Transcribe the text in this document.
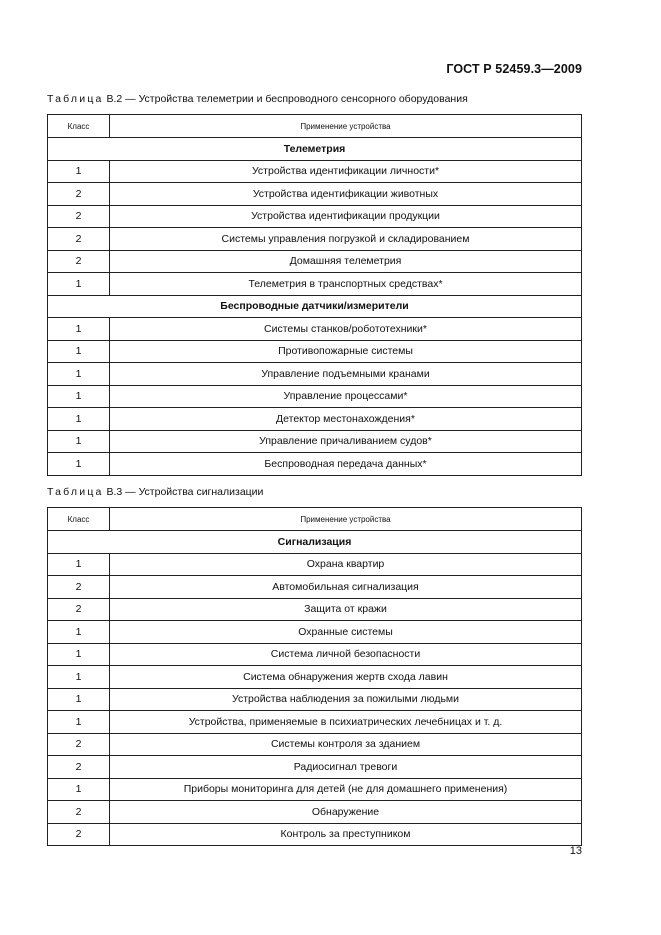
ГОСТ Р 52459.3—2009
Таблица В.2 — Устройства телеметрии и беспроводного сенсорного оборудования
Класс	Применение устройства
Телеметрия	
1	Устройства идентификации личности*
2	Устройства идентификации животных
2	Устройства идентификации продукции
2	Системы управления погрузкой и складированием
2	Домашняя телеметрия
1	Телеметрия в транспортных средствах*
Беспроводные датчики/измерители	
1	Системы станков/робототехники*
1	Противопожарные системы
1	Управление подъемными кранами
1	Управление процессами*
1	Детектор местонахождения*
1	Управление причаливанием судов*
1	Беспроводная передача данных*
Таблица В.3 — Устройства сигнализации
Класс	Применение устройства
Сигнализация	
1	Охрана квартир
2	Автомобильная сигнализация
2	Защита от кражи
1	Охранные системы
1	Система личной безопасности
1	Система обнаружения жертв схода лавин
1	Устройства наблюдения за пожилыми людьми
1	Устройства, применяемые в психиатрических лечебницах и т. д.
2	Системы контроля за зданием
2	Радиосигнал тревоги
1	Приборы мониторинга для детей (не для домашнего применения)
2	Обнаружение
2	Контроль за преступником
13
